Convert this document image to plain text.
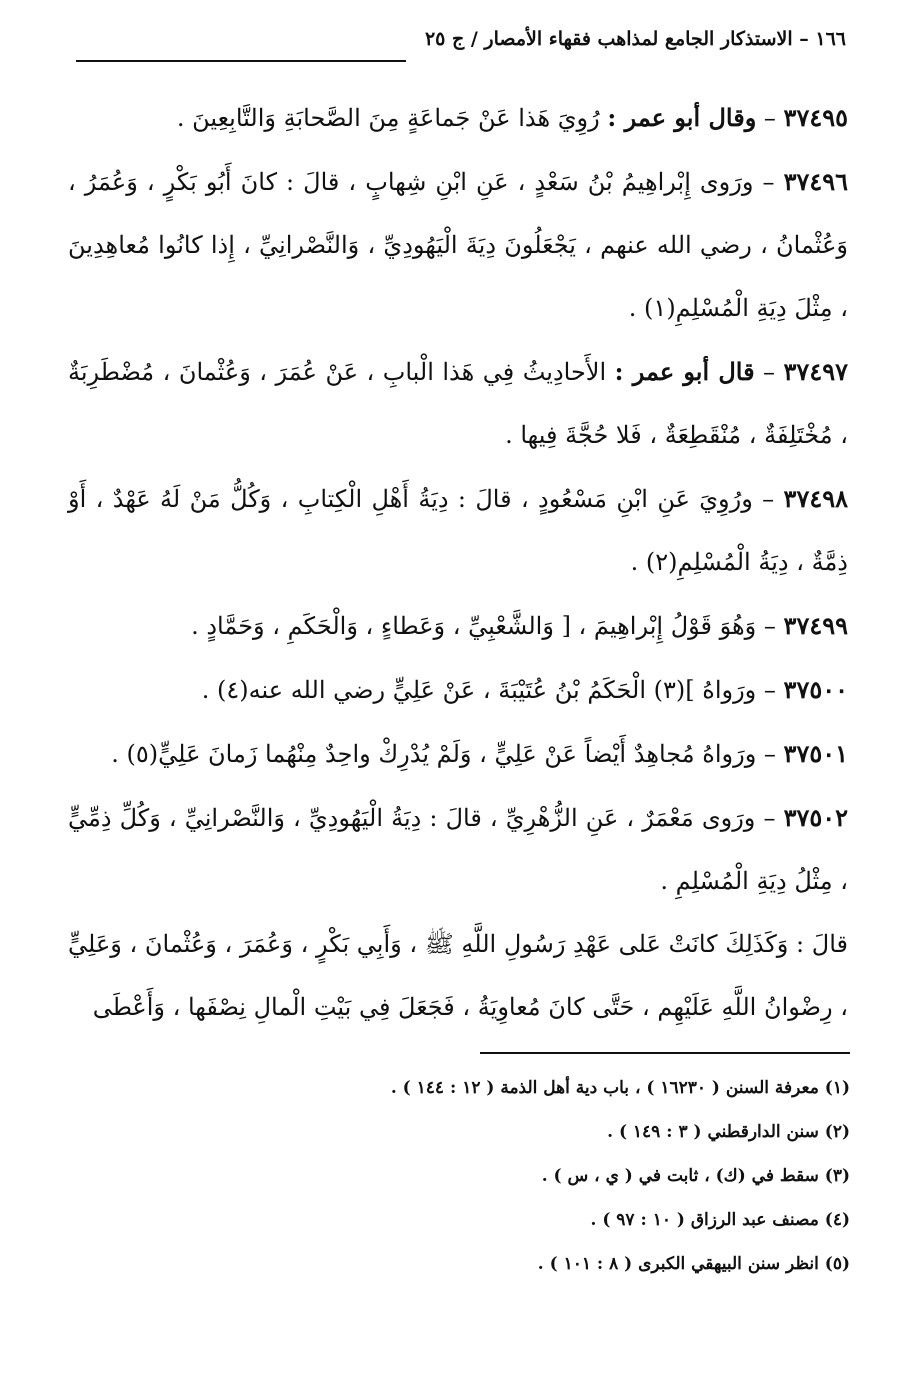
١٦٦ – الاستذكار الجامع لمذاهب فقهاء الأمصار / ج ٢٥

٣٧٤٩٥ – وقال أبو عمر : رُوِيَ هَذا عَنْ جَماعَةٍ مِنَ الصَّحابَةِ وَالتَّابِعِينَ .

٣٧٤٩٦ – ورَوى إِبْراهِيمُ بْنُ سَعْدٍ ، عَنِ ابْنِ شِهابٍ ، قالَ : كانَ أَبُو بَكْرٍ ، وَعُمَرُ ، وَعُثْمانُ ، رضي الله عنهم ، يَجْعَلُونَ دِيَةَ الْيَهُودِيِّ ، وَالنَّصْرانِيِّ ، إِذا كانُوا مُعاهِدِينَ ، مِثْلَ دِيَةِ الْمُسْلِمِ(١) .

٣٧٤٩٧ – قال أبو عمر : الأَحادِيثُ فِي هَذا الْبابِ ، عَنْ عُمَرَ ، وَعُثْمانَ ، مُضْطَرِبَةٌ ، مُخْتَلِفَةٌ ، مُنْقَطِعَةٌ ، فَلا حُجَّةَ فِيها .

٣٧٤٩٨ – ورُوِيَ عَنِ ابْنِ مَسْعُودٍ ، قالَ : دِيَةُ أَهْلِ الْكِتابِ ، وَكُلُّ مَنْ لَهُ عَهْدٌ ، أَوْ ذِمَّةٌ ، دِيَةُ الْمُسْلِمِ(٢) .

٣٧٤٩٩ – وَهُوَ قَوْلُ إِبْراهِيمَ ، [ وَالشَّعْبِيِّ ، وَعَطاءٍ ، وَالْحَكَمِ ، وَحَمَّادٍ .

٣٧٥٠٠ – ورَواهُ ](٣) الْحَكَمُ بْنُ عُتَيْبَةَ ، عَنْ عَلِيٍّ رضي الله عنه(٤) .

٣٧٥٠١ – ورَواهُ مُجاهِدٌ أَيْضاً عَنْ عَلِيٍّ ، وَلَمْ يُدْرِكْ واحِدٌ مِنْهُما زَمانَ عَلِيٍّ(٥) .

٣٧٥٠٢ – ورَوى مَعْمَرٌ ، عَنِ الزُّهْرِيِّ ، قالَ : دِيَةُ الْيَهُودِيِّ ، وَالنَّصْرانِيِّ ، وَكُلِّ ذِمِّيٍّ ، مِثْلُ دِيَةِ الْمُسْلِمِ .

قالَ : وَكَذَلِكَ كانَتْ عَلى عَهْدِ رَسُولِ اللَّهِ ﷺ ، وَأَبِي بَكْرٍ ، وَعُمَرَ ، وَعُثْمانَ ، وَعَلِيٍّ ، رِضْوانُ اللَّهِ عَلَيْهِم ، حَتَّى كانَ مُعاوِيَةُ ، فَجَعَلَ فِي بَيْتِ الْمالِ نِصْفَها ، وَأَعْطَى

(١) معرفة السنن ( ١٦٢٣٠ ) ، باب دية أهل الذمة ( ١٢ : ١٤٤ ) .

(٢) سنن الدارقطني ( ٣ : ١٤٩ ) .

(٣) سقط في (ك) ، ثابت في ( ي ، س ) .

(٤) مصنف عبد الرزاق ( ١٠ : ٩٧ ) .

(٥) انظر سنن البيهقي الكبرى ( ٨ : ١٠١ ) .
